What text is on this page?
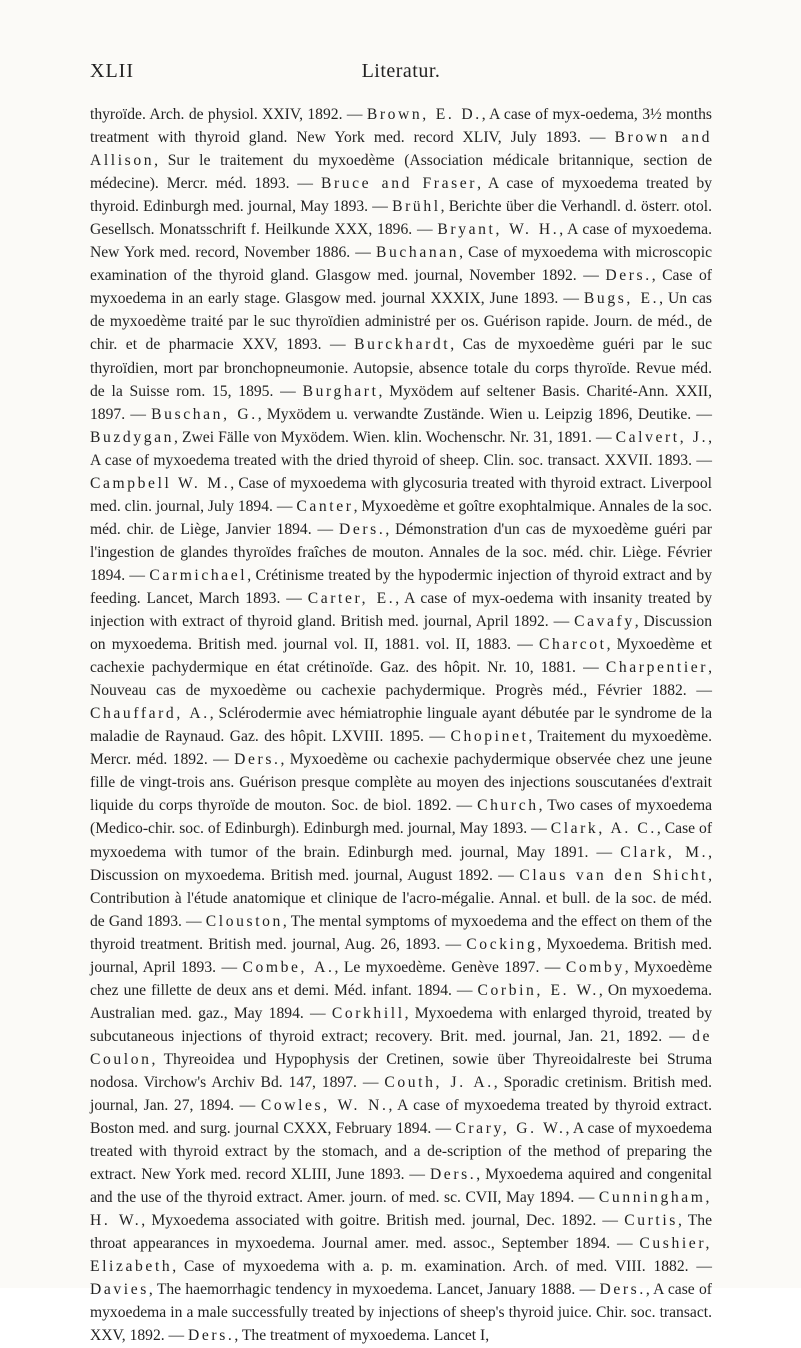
XLII	Literatur.

thyroïde. Arch. de physiol. XXIV, 1892. — Brown, E. D., A case of myx-oedema, 3½ months treatment with thyroid gland. New York med. record XLIV, July 1893. — Brown and Allison, Sur le traitement du myxoedème (Association médicale britannique, section de médecine). Mercr. méd. 1893. — Bruce and Fraser, A case of myxoedema treated by thyroid. Edinburgh med. journal, May 1893. — Brühl, Berichte über die Verhandl. d. österr. otol. Gesellsch. Monatsschrift f. Heilkunde XXX, 1896. — Bryant, W. H., A case of myxoedema. New York med. record, November 1886. — Buchanan, Case of myxoedema with microscopic examination of the thyroid gland. Glasgow med. journal, November 1892. — Ders., Case of myxoedema in an early stage. Glasgow med. journal XXXIX, June 1893. — Bugs, E., Un cas de myxoedème traité par le suc thyroïdien administré per os. Guérison rapide. Journ. de méd., de chir. et de pharmacie XXV, 1893. — Burckhardt, Cas de myxoedème guéri par le suc thyroïdien, mort par bronchopneumonie. Autopsie, absence totale du corps thyroïde. Revue méd. de la Suisse rom. 15, 1895. — Burghart, Myxödem auf seltener Basis. Charité-Ann. XXII, 1897. — Buschan, G., Myxödem u. verwandte Zustände. Wien u. Leipzig 1896, Deutike. — Buzdygan, Zwei Fälle von Myxödem. Wien. klin. Wochenschr. Nr. 31, 1891. — Calvert, J., A case of myxoedema treated with the dried thyroid of sheep. Clin. soc. transact. XXVII. 1893. — Campbell W. M., Case of myxoedema with glycosuria treated with thyroid extract. Liverpool med. clin. journal, July 1894. — Canter, Myxoedème et goître exophtalmique. Annales de la soc. méd. chir. de Liège, Janvier 1894. — Ders., Démonstration d'un cas de myxoedème guéri par l'ingestion de glandes thyroïdes fraîches de mouton. Annales de la soc. méd. chir. Liège. Février 1894. — Carmichael, Crétinisme treated by the hypodermic injection of thyroid extract and by feeding. Lancet, March 1893. — Carter, E., A case of myx-oedema with insanity treated by injection with extract of thyroid gland. British med. journal, April 1892. — Cavafy, Discussion on myxoedema. British med. journal vol. II, 1881. vol. II, 1883. — Charcot, Myxoedème et cachexie pachydermique en état crétinoïde. Gaz. des hôpit. Nr. 10, 1881. — Charpentier, Nouveau cas de myxoedème ou cachexie pachydermique. Progrès méd., Février 1882. — Chauffard, A., Sclérodermie avec hémiatrophie linguale ayant débutée par le syndrome de la maladie de Raynaud. Gaz. des hôpit. LXVIII. 1895. — Chopinet, Traitement du myxoedème. Mercr. méd. 1892. — Ders., Myxoedème ou cachexie pachydermique observée chez une jeune fille de vingt-trois ans. Guérison presque complète au moyen des injections souscutanées d'extrait liquide du corps thyroïde de mouton. Soc. de biol. 1892. — Church, Two cases of myxoedema (Medico-chir. soc. of Edinburgh). Edinburgh med. journal, May 1893. — Clark, A. C., Case of myxoedema with tumor of the brain. Edinburgh med. journal, May 1891. — Clark, M., Discussion on myxoedema. British med. journal, August 1892. — Claus van den Shicht, Contribution à l'étude anatomique et clinique de l'acro-mégalie. Annal. et bull. de la soc. de méd. de Gand 1893. — Clouston, The mental symptoms of myxoedema and the effect on them of the thyroid treatment. British med. journal, Aug. 26, 1893. — Cocking, Myxoedema. British med. journal, April 1893. — Combe, A., Le myxoedème. Genève 1897. — Comby, Myxoedème chez une fillette de deux ans et demi. Méd. infant. 1894. — Corbin, E. W., On myxoedema. Australian med. gaz., May 1894. — Corkhill, Myxoedema with enlarged thyroid, treated by subcutaneous injections of thyroid extract; recovery. Brit. med. journal, Jan. 21, 1892. — de Coulon, Thyreoidea und Hypophysis der Cretinen, sowie über Thyreoidalreste bei Struma nodosa. Virchow's Archiv Bd. 147, 1897. — Couth, J. A., Sporadic cretinism. British med. journal, Jan. 27, 1894. — Cowles, W. N., A case of myxoedema treated by thyroid extract. Boston med. and surg. journal CXXX, February 1894. — Crary, G. W., A case of myxoedema treated with thyroid extract by the stomach, and a de-scription of the method of preparing the extract. New York med. record XLIII, June 1893. — Ders., Myxoedema aquired and congenital and the use of the thyroid extract. Amer. journ. of med. sc. CVII, May 1894. — Cunningham, H. W., Myxoedema associated with goitre. British med. journal, Dec. 1892. — Curtis, The throat appearances in myxoedema. Journal amer. med. assoc., September 1894. — Cushier, Elizabeth, Case of myxoedema with a. p. m. examination. Arch. of med. VIII. 1882. — Davies, The haemorrhagic tendency in myxoedema. Lancet, January 1888. — Ders., A case of myxoedema in a male successfully treated by injections of sheep's thyroid juice. Chir. soc. transact. XXV, 1892. — Ders., The treatment of myxoedema. Lancet I,
